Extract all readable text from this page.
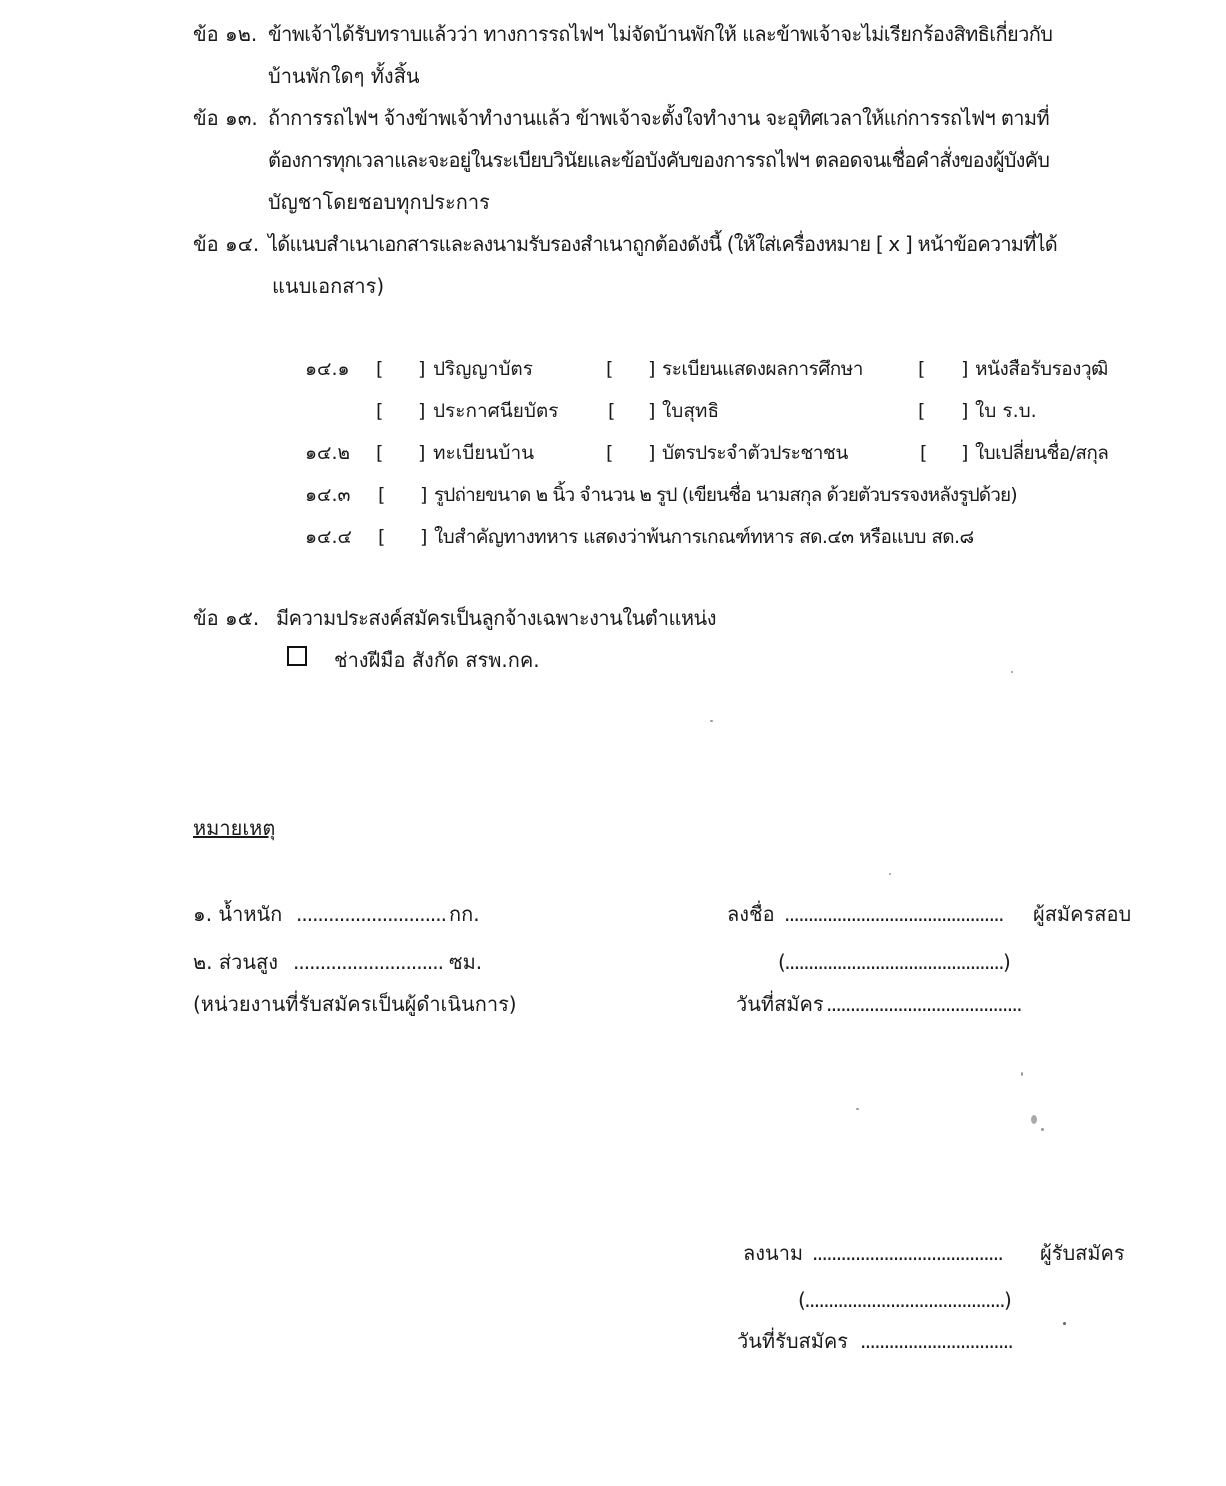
ข้อ ๑๒. ข้าพเจ้าได้รับทราบแล้วว่า ทางการรถไฟฯ ไม่จัดบ้านพักให้ และข้าพเจ้าจะไม่เรียกร้องสิทธิเกี่ยวกับ
บ้านพักใดๆ ทั้งสิ้น
ข้อ ๑๓. ถ้าการรถไฟฯ จ้างข้าพเจ้าทำงานแล้ว ข้าพเจ้าจะตั้งใจทำงาน จะอุทิศเวลาให้แก่การรถไฟฯ ตามที่
ต้องการทุกเวลาและจะอยู่ในระเบียบวินัยและข้อบังคับของการรถไฟฯ ตลอดจนเชื่อคำสั่งของผู้บังคับ
บัญชาโดยชอบทุกประการ
ข้อ ๑๔. ได้แนบสำเนาเอกสารและลงนามรับรองสำเนาถูกต้องดังนี้ (ให้ใส่เครื่องหมาย [ x ] หน้าข้อความที่ได้
แนบเอกสาร)
๑๔.๑ [ ] ปริญญาบัตร	[ ] ระเบียนแสดงผลการศึกษา	[ ] หนังสือรับรองวุฒิ
[ ] ประกาศนียบัตร	[ ] ใบสุทธิ	[ ] ใบ ร.บ.
๑๔.๒ [ ] ทะเบียนบ้าน	[ ] บัตรประจำตัวประชาชน	[ ] ใบเปลี่ยนชื่อ/สกุล
๑๔.๓ [ ] รูปถ่ายขนาด ๒ นิ้ว จำนวน ๒ รูป (เขียนชื่อ นามสกุล ด้วยตัวบรรจงหลังรูปด้วย)
๑๔.๔ [ ] ใบสำคัญทางทหาร แสดงว่าพ้นการเกณฑ์ทหาร สด.๔๓ หรือแบบ สด.๘
ข้อ ๑๕. มีความประสงค์สมัครเป็นลูกจ้างเฉพาะงานในตำแหน่ง
ช่างฝีมือ สังกัด สรพ.กค.
หมายเหตุ
๑. น้ำหนัก ............................ กก.
๒. ส่วนสูง ............................ ซม.
(หน่วยงานที่รับสมัครเป็นผู้ดำเนินการ)
ลงชื่อ .............................................. ผู้สมัครสอบ
(..............................................)
วันที่สมัคร .........................................
ลงนาม ........................................ ผู้รับสมัคร
(..........................................)
วันที่รับสมัคร ................................
